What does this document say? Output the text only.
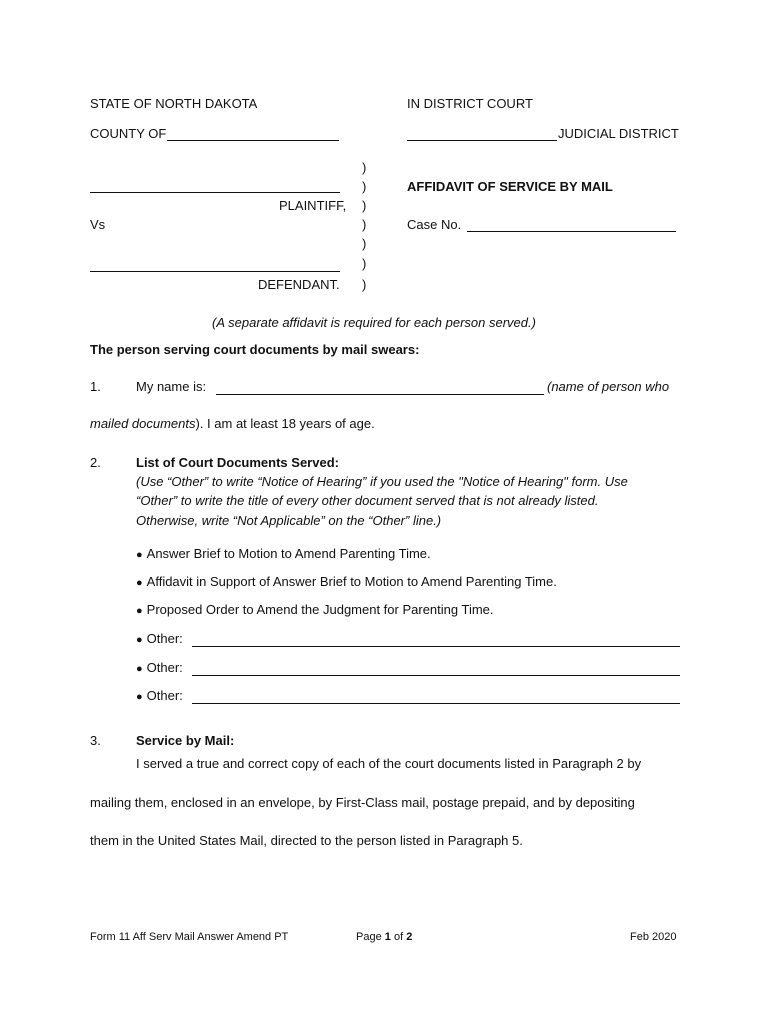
STATE OF NORTH DAKOTA	IN DISTRICT COURT
COUNTY OF	JUDICIAL DISTRICT
)
)
)
)
)
)
)
PLAINTIFF,
Vs
DEFENDANT.
AFFIDAVIT OF SERVICE BY MAIL
Case No.
(A separate affidavit is required for each person served.)
The person serving court documents by mail swears:
1.	My name is:	(name of person who
mailed documents). I am at least 18 years of age.
2.	List of Court Documents Served:
(Use “Other” to write “Notice of Hearing” if you used the "Notice of Hearing" form. Use
“Other” to write the title of every other document served that is not already listed.
Otherwise, write “Not Applicable” on the “Other” line.)
● Answer Brief to Motion to Amend Parenting Time.
● Affidavit in Support of Answer Brief to Motion to Amend Parenting Time.
● Proposed Order to Amend the Judgment for Parenting Time.
● Other:
● Other:
● Other:
3.	Service by Mail:
I served a true and correct copy of each of the court documents listed in Paragraph 2 by
mailing them, enclosed in an envelope, by First-Class mail, postage prepaid, and by depositing
them in the United States Mail, directed to the person listed in Paragraph 5.
Form 11 Aff Serv Mail Answer Amend PT	Page 1 of 2	Feb 2020
